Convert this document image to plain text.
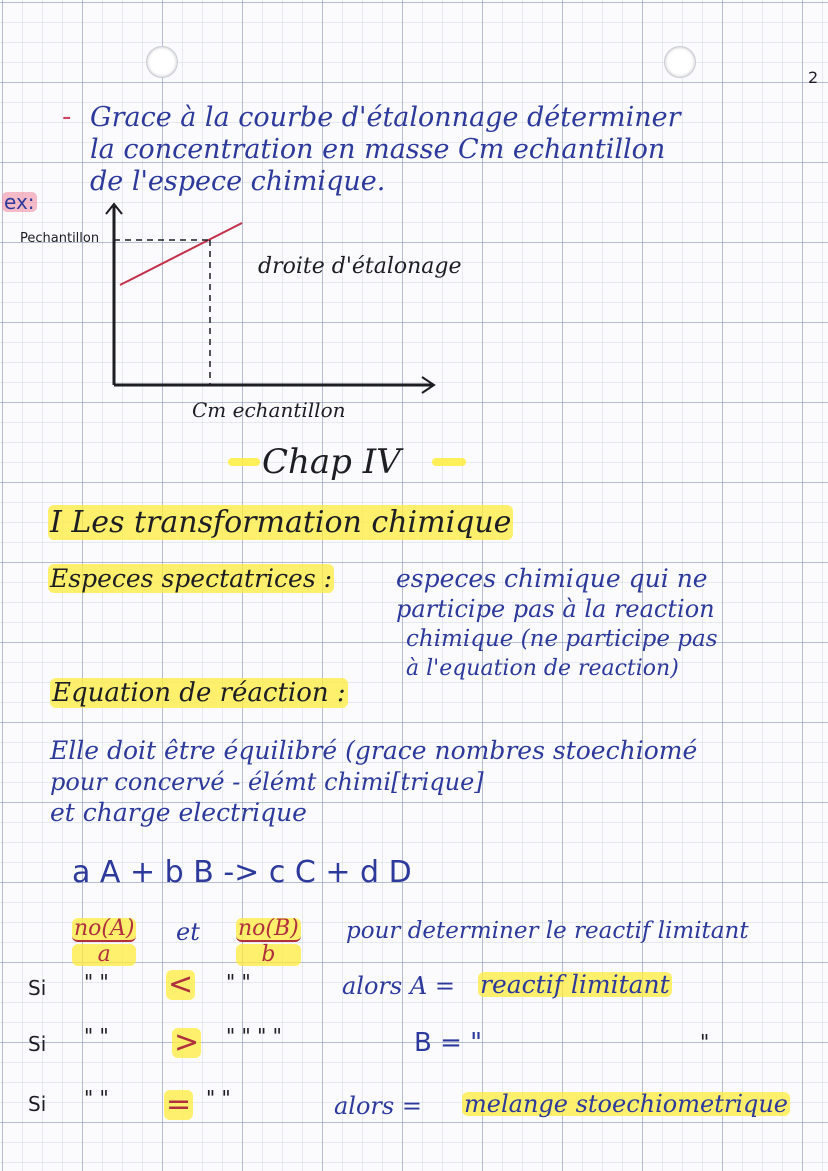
2
- Grace à la courbe d'étalonnage déterminer
la concentration en masse Cm echantillon
de l'espece chimique.
ex:
Pechantillon
droite d'étalonage
Cm echantillon
Chap IV
I Les transformation chimique
Especes spectatrices :	especes chimique qui ne
participe pas à la reaction
chimique (ne participe pas
à l'equation de reaction)
Equation de réaction :
Elle doit être équilibré (grace nombres stoechiomé
pour concervé - élémt chimi[trique]
et charge electrique
a A + b B -> c C + d D
$\frac{no(A)}{a}$ et $\frac{no(B)}{b}$ pour determiner le reactif limitant
Si " " < " "	alors A = reactif limitant
Si " " > " " " "	B = "	"
Si " " = " "	alors = melange stoechiometrique
